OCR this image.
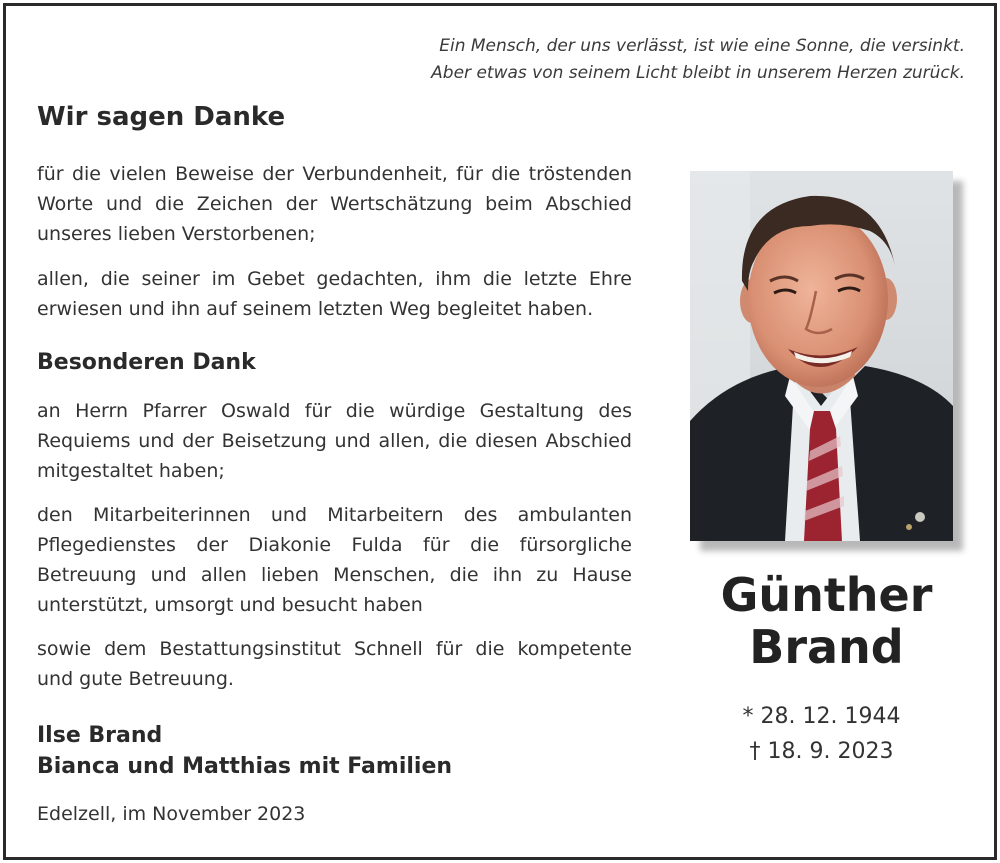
Ein Mensch, der uns verlässt, ist wie eine Sonne, die versinkt.
Aber etwas von seinem Licht bleibt in unserem Herzen zurück.
Wir sagen Danke
für die vielen Beweise der Verbundenheit, für die tröstenden Worte und die Zeichen der Wertschätzung beim Abschied unseres lieben Verstorbenen;
allen, die seiner im Gebet gedachten, ihm die letzte Ehre erwiesen und ihn auf seinem letzten Weg begleitet haben.
Besonderen Dank
an Herrn Pfarrer Oswald für die würdige Gestaltung des Requiems und der Beisetzung und allen, die diesen Abschied mitgestaltet haben;
den Mitarbeiterinnen und Mitarbeitern des ambulanten Pflegedienstes der Diakonie Fulda für die fürsorgliche Betreuung und allen lieben Menschen, die ihn zu Hause unterstützt, umsorgt und besucht haben
sowie dem Bestattungsinstitut Schnell für die kompetente und gute Betreuung.
Ilse Brand
Bianca und Matthias mit Familien
Edelzell, im November 2023
Günther
Brand
* 28. 12. 1944
† 18. 9. 2023
